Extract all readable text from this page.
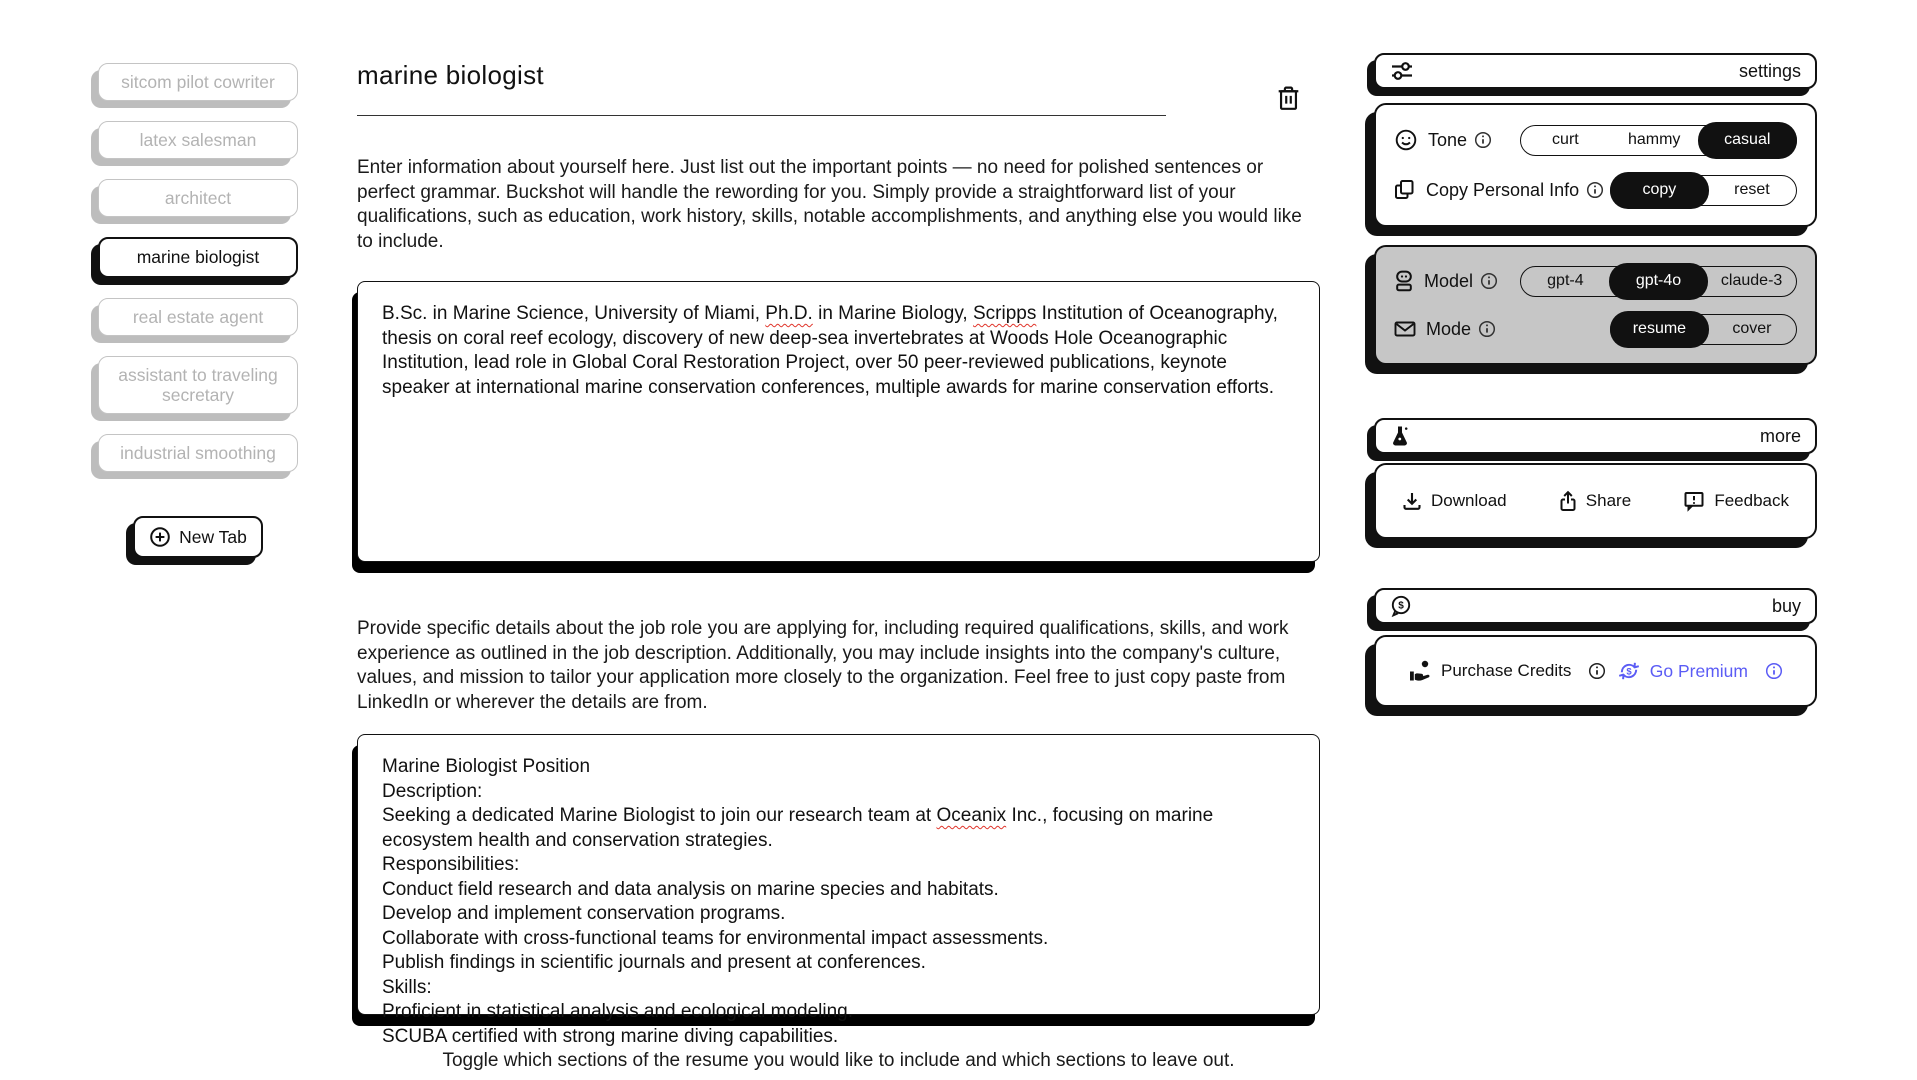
sitcom pilot cowriter
latex salesman
architect
marine biologist
real estate agent
assistant to traveling secretary
industrial smoothing
New Tab
marine biologist

Enter information about yourself here. Just list out the important points — no need for polished sentences or perfect grammar. Buckshot will handle the rewording for you. Simply provide a straightforward list of your qualifications, such as education, work history, skills, notable accomplishments, and anything else you would like to include.

B.Sc. in Marine Science, University of Miami, Ph.D. in Marine Biology, Scripps Institution of Oceanography, thesis on coral reef ecology, discovery of new deep-sea invertebrates at Woods Hole Oceanographic Institution, lead role in Global Coral Restoration Project, over 50 peer-reviewed publications, keynote speaker at international marine conservation conferences, multiple awards for marine conservation efforts.

Provide specific details about the job role you are applying for, including required qualifications, skills, and work experience as outlined in the job description. Additionally, you may include insights into the company's culture, values, and mission to tailor your application more closely to the organization. Feel free to just copy paste from LinkedIn or wherever the details are from.

Marine Biologist Position
Description:
Seeking a dedicated Marine Biologist to join our research team at Oceanix Inc., focusing on marine ecosystem health and conservation strategies.
Responsibilities:
Conduct field research and data analysis on marine species and habitats.
Develop and implement conservation programs.
Collaborate with cross-functional teams for environmental impact assessments.
Publish findings in scientific journals and present at conferences.
Skills:
Proficient in statistical analysis and ecological modeling.
SCUBA certified with strong marine diving capabilities.

Toggle which sections of the resume you would like to include and which sections to leave out.

settings
Tone	curt	hammy	casual
Copy Personal Info	copy	reset
Model	gpt-4	gpt-4o	claude-3
Mode	resume	cover
more
Download	Share	Feedback
$	buy
Purchase Credits	$ Go Premium
